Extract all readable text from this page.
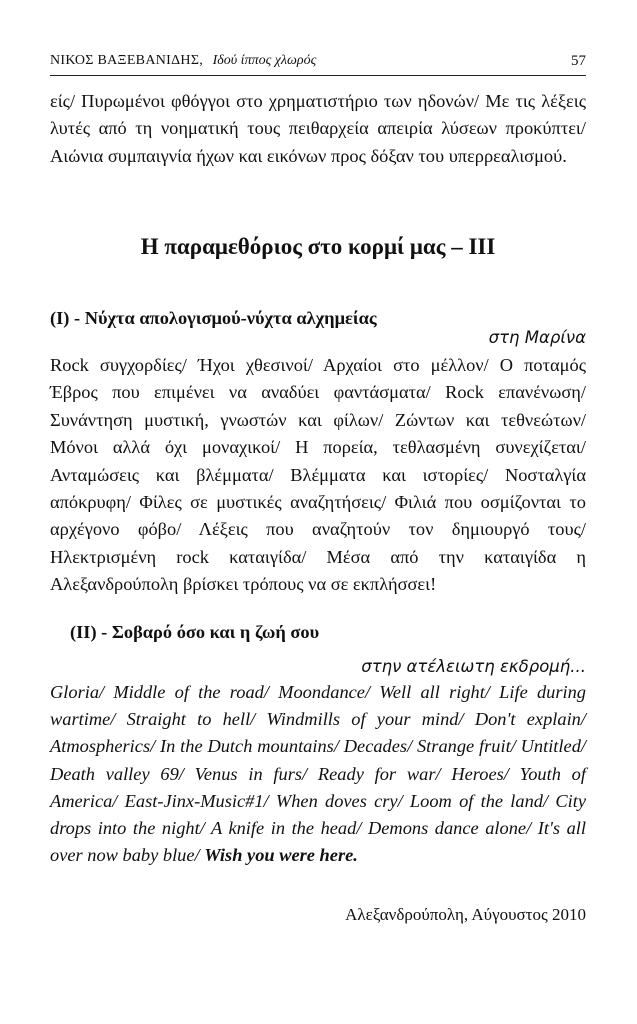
ΝΙΚΟΣ ΒΑΞΕΒΑΝΙΔΗΣ, Ιδού ίππος χλωρός	57

είς/ Πυρωμένοι φθόγγοι στο χρηματιστήριο των ηδονών/ Με τις λέξεις λυτές από τη νοηματική τους πειθαρχεία απειρία λύσεων προκύπτει/ Αιώνια συμπαιγνία ήχων και εικόνων προς δόξαν του υπερρεαλισμού.

Η παραμεθόριος στο κορμί μας – III
(Ι) - Νύχτα απολογισμού-νύχτα αλχημείας

στη Μαρίνα

Rock συγχορδίες/ Ήχοι χθεσινοί/ Αρχαίοι στο μέλλον/ Ο ποταμός Έβρος που επιμένει να αναδύει φαντάσματα/ Rock επανένωση/ Συνάντηση μυστική, γνωστών και φίλων/ Ζώντων και τεθνεώτων/ Μόνοι αλλά όχι μοναχικοί/ Η πορεία, τεθλασμένη συνεχίζεται/ Ανταμώσεις και βλέμματα/ Βλέμματα και ιστορίες/ Νοσταλγία απόκρυφη/ Φίλες σε μυστικές αναζητήσεις/ Φιλιά που οσμίζονται το αρχέγονο φόβο/ Λέξεις που αναζητούν τον δημιουργό τους/ Ηλεκτρισμένη rock καταιγίδα/ Μέσα από την καταιγίδα η Αλεξανδρούπολη βρίσκει τρόπους να σε εκπλήσσει!

(ΙΙ) - Σοβαρό όσο και η ζωή σου

στην ατέλειωτη εκδρομή...

Gloria/ Middle of the road/ Moondance/ Well all right/ Life during wartime/ Straight to hell/ Windmills of your mind/ Don't explain/ Atmospherics/ In the Dutch mountains/ Decades/ Strange fruit/ Untitled/ Death valley 69/ Venus in furs/ Ready for war/ Heroes/ Youth of America/ East-Jinx-Music#1/ When doves cry/ Loom of the land/ City drops into the night/ A knife in the head/ Demons dance alone/ It's all over now baby blue/ Wish you were here.

Αλεξανδρούπολη, Αύγουστος 2010
